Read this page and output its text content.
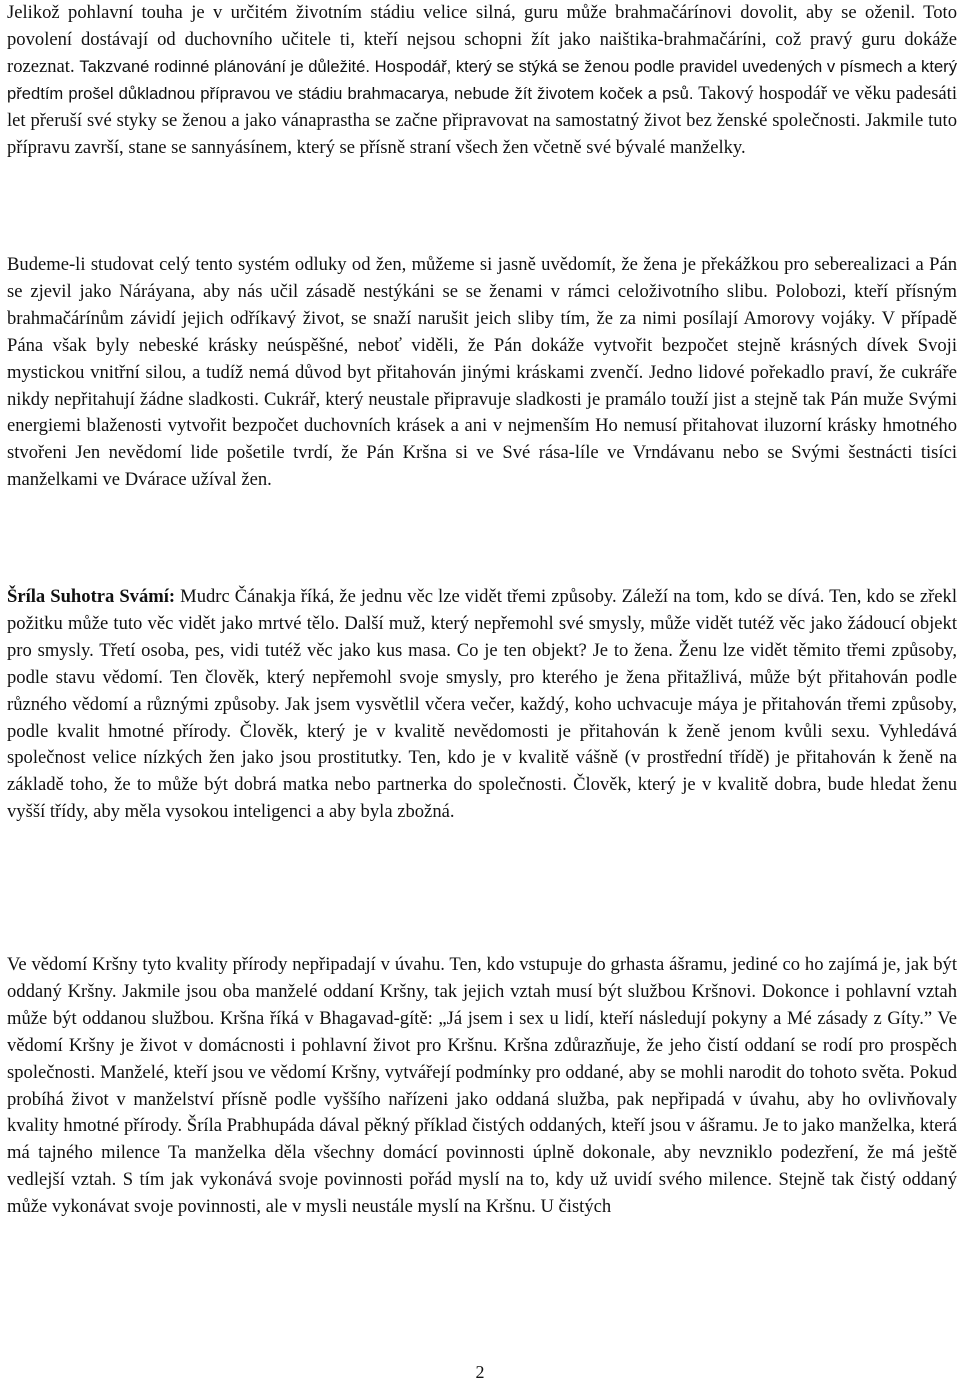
Jelikož pohlavní touha je v určitém životním stádiu velice silná, guru může brahmačárínovi dovolit, aby se oženil. Toto povolení dostávají od duchovního učitele ti, kteří nejsou schopni žít jako naištika-brahmačáríni, což pravý guru dokáže rozeznat. Takzvané rodinné plánování je důležité. Hospodář, který se stýká se ženou podle pravidel uvedených v písmech a který předtím prošel důkladnou přípravou ve stádiu brahmacarya, nebude žít životem koček a psů. Takový hospodář ve věku padesáti let přeruší své styky se ženou a jako vánaprastha se začne připravovat na samostatný život bez ženské společnosti. Jakmile tuto přípravu završí, stane se sannyásínem, který se přísně straní všech žen včetně své bývalé manželky.

Budeme-li studovat celý tento systém odluky od žen, můžeme si jasně uvědomít, že žena je překážkou pro seberealizaci a Pán se zjevil jako Náráyana, aby nás učil zásadě nestýkáni se se ženami v rámci celoživotního slibu. Polobozi, kteří přísným brahmačárínům závidí jejich odříkavý život, se snaží narušit jeich sliby tím, že za nimi posílají Amorovy vojáky. V případě Pána však byly nebeské krásky neúspěšné, neboť viděli, že Pán dokáže vytvořit bezpočet stejně krásných dívek Svoji mystickou vnitřní silou, a tudíž nemá důvod byt přitahován jinými kráskami zvenčí. Jedno lidové pořekadlo praví, že cukráře nikdy nepřitahují žádne sladkosti. Cukrář, který neustale připravuje sladkosti je pramálo touží jist a stejně tak Pán muže Svými energiemi blaženosti vytvořit bezpočet duchovních krásek a ani v nejmenším Ho nemusí přitahovat iluzorní krásky hmotného stvořeni Jen nevědomí lide pošetile tvrdí, že Pán Kršna si ve Své rása-líle ve Vrndávanu nebo se Svými šestnácti tisíci manželkami ve Dvárace užíval žen.

Šríla Suhotra Svámí: Mudrc Čánakja říká, že jednu věc lze vidět třemi způsoby. Záleží na tom, kdo se dívá. Ten, kdo se zřekl požitku může tuto věc vidět jako mrtvé tělo. Další muž, který nepřemohl své smysly, může vidět tutéž věc jako žádoucí objekt pro smysly. Třetí osoba, pes, vidi tutéž věc jako kus masa. Co je ten objekt? Je to žena. Ženu lze vidět těmito třemi způsoby, podle stavu vědomí. Ten člověk, který nepřemohl svoje smysly, pro kterého je žena přitažlivá, může být přitahován podle různého vědomí a různými způsoby. Jak jsem vysvětlil včera večer, každý, koho uchvacuje máya je přitahován třemi způsoby, podle kvalit hmotné přírody. Člověk, který je v kvalitě nevědomosti je přitahován k ženě jenom kvůli sexu. Vyhledává společnost velice nízkých žen jako jsou prostitutky. Ten, kdo je v kvalitě vášně (v prostřední třídě) je přitahován k ženě na základě toho, že to může být dobrá matka nebo partnerka do společnosti. Člověk, který je v kvalitě dobra, bude hledat ženu vyšší třídy, aby měla vysokou inteligenci a aby byla zbožná.

Ve vědomí Kršny tyto kvality přírody nepřipadají v úvahu. Ten, kdo vstupuje do grhasta ášramu, jediné co ho zajímá je, jak být oddaný Kršny. Jakmile jsou oba manželé oddaní Kršny, tak jejich vztah musí být službou Kršnovi. Dokonce i pohlavní vztah může být oddanou službou. Kršna říká v Bhagavad-gítě: „Já jsem i sex u lidí, kteří následují pokyny a Mé zásady z Gíty.” Ve vědomí Kršny je život v domácnosti i pohlavní život pro Kršnu. Kršna zdůrazňuje, že jeho čistí oddaní se rodí pro prospěch společnosti. Manželé, kteří jsou ve vědomí Kršny, vytvářejí podmínky pro oddané, aby se mohli narodit do tohoto světa. Pokud probíhá život v manželství přísně podle vyššího nařízeni jako oddaná služba, pak nepřipadá v úvahu, aby ho ovlivňovaly kvality hmotné přírody. Šríla Prabhupáda dával pěkný příklad čistých oddaných, kteří jsou v ášramu. Je to jako manželka, která má tajného milence Ta manželka děla všechny domácí povinnosti úplně dokonale, aby nevzniklo podezření, že má ještě vedlejší vztah. S tím jak vykonává svoje povinnosti pořád myslí na to, kdy už uvidí svého milence. Stejně tak čistý oddaný může vykonávat svoje povinnosti, ale v mysli neustále myslí na Kršnu. U čistých

2
